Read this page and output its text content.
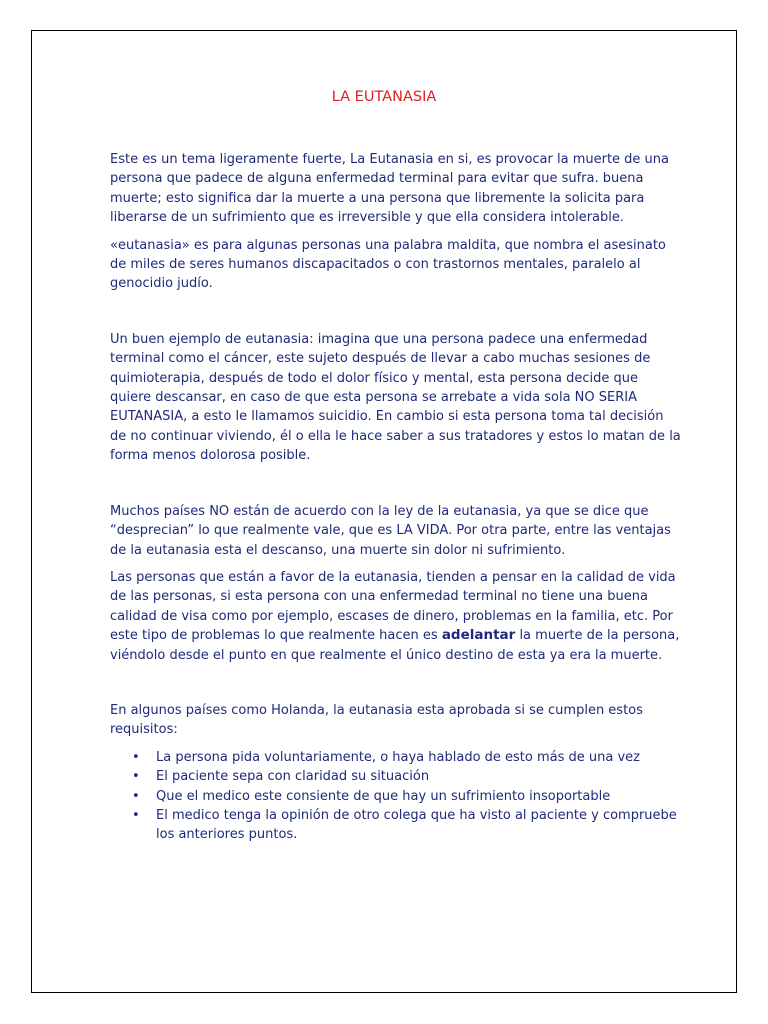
LA EUTANASIA

Este es un tema ligeramente fuerte, La Eutanasia en si, es provocar la muerte de una
persona que padece de alguna enfermedad terminal para evitar que sufra. buena
muerte; esto significa dar la muerte a una persona que libremente la solicita para
liberarse de un sufrimiento que es irreversible y que ella considera intolerable.

«eutanasia» es para algunas personas una palabra maldita, que nombra el asesinato
de miles de seres humanos discapacitados o con trastornos mentales, paralelo al
genocidio judío.

Un buen ejemplo de eutanasia: imagina que una persona padece una enfermedad
terminal como el cáncer, este sujeto después de llevar a cabo muchas sesiones de
quimioterapia, después de todo el dolor físico y mental, esta persona decide que
quiere descansar, en caso de que esta persona se arrebate a vida sola NO SERIA
EUTANASIA, a esto le llamamos suicidio. En cambio si esta persona toma tal decisión
de no continuar viviendo, él o ella le hace saber a sus tratadores y estos lo matan de la
forma menos dolorosa posible.

Muchos países NO están de acuerdo con la ley de la eutanasia, ya que se dice que
“desprecian” lo que realmente vale, que es LA VIDA. Por otra parte, entre las ventajas
de la eutanasia esta el descanso, una muerte sin dolor ni sufrimiento.

Las personas que están a favor de la eutanasia, tienden a pensar en la calidad de vida
de las personas, si esta persona con una enfermedad terminal no tiene una buena
calidad de visa como por ejemplo, escases de dinero, problemas en la familia, etc. Por
este tipo de problemas lo que realmente hacen es adelantar la muerte de la persona,
viéndolo desde el punto en que realmente el único destino de esta ya era la muerte.

En algunos países como Holanda, la eutanasia esta aprobada si se cumplen estos
requisitos:

• La persona pida voluntariamente, o haya hablado de esto más de una vez
• El paciente sepa con claridad su situación
• Que el medico este consiente de que hay un sufrimiento insoportable
• El medico tenga la opinión de otro colega que ha visto al paciente y compruebe
los anteriores puntos.
